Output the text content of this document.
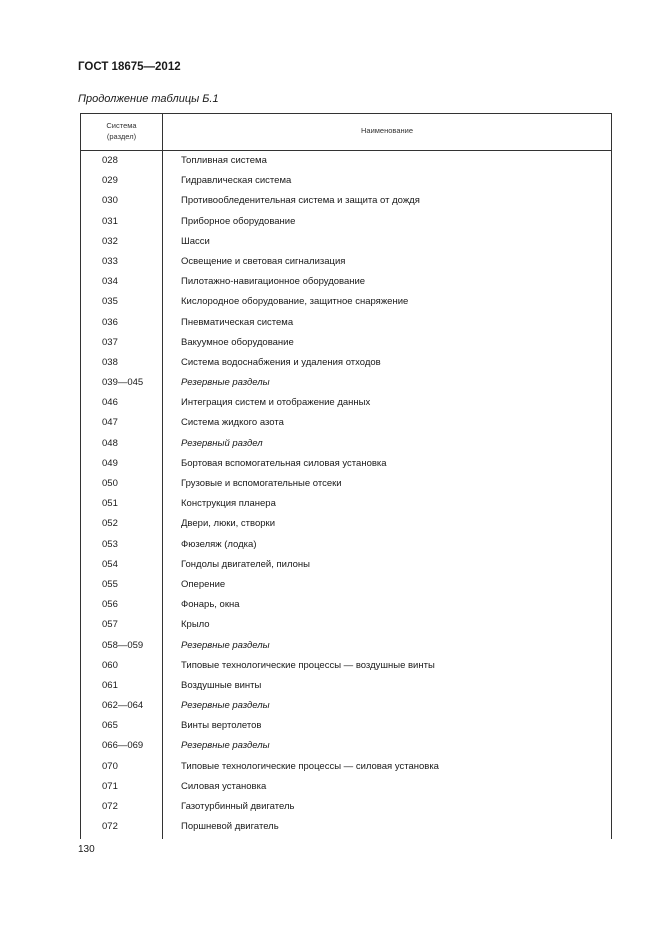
ГОСТ 18675—2012
Продолжение таблицы Б.1
Система
(раздел)
Наименование
028	Топливная система
029	Гидравлическая система
030	Противообледенительная система и защита от дождя
031	Приборное оборудование
032	Шасси
033	Освещение и световая сигнализация
034	Пилотажно-навигационное оборудование
035	Кислородное оборудование, защитное снаряжение
036	Пневматическая система
037	Вакуумное оборудование
038	Система водоснабжения и удаления отходов
039—045	Резервные разделы
046	Интеграция систем и отображение данных
047	Система жидкого азота
048	Резервный раздел
049	Бортовая вспомогательная силовая установка
050	Грузовые и вспомогательные отсеки
051	Конструкция планера
052	Двери, люки, створки
053	Фюзеляж (лодка)
054	Гондолы двигателей, пилоны
055	Оперение
056	Фонарь, окна
057	Крыло
058—059	Резервные разделы
060	Типовые технологические процессы — воздушные винты
061	Воздушные винты
062—064	Резервные разделы
065	Винты вертолетов
066—069	Резервные разделы
070	Типовые технологические процессы — силовая установка
071	Силовая установка
072	Газотурбинный двигатель
072	Поршневой двигатель
130
